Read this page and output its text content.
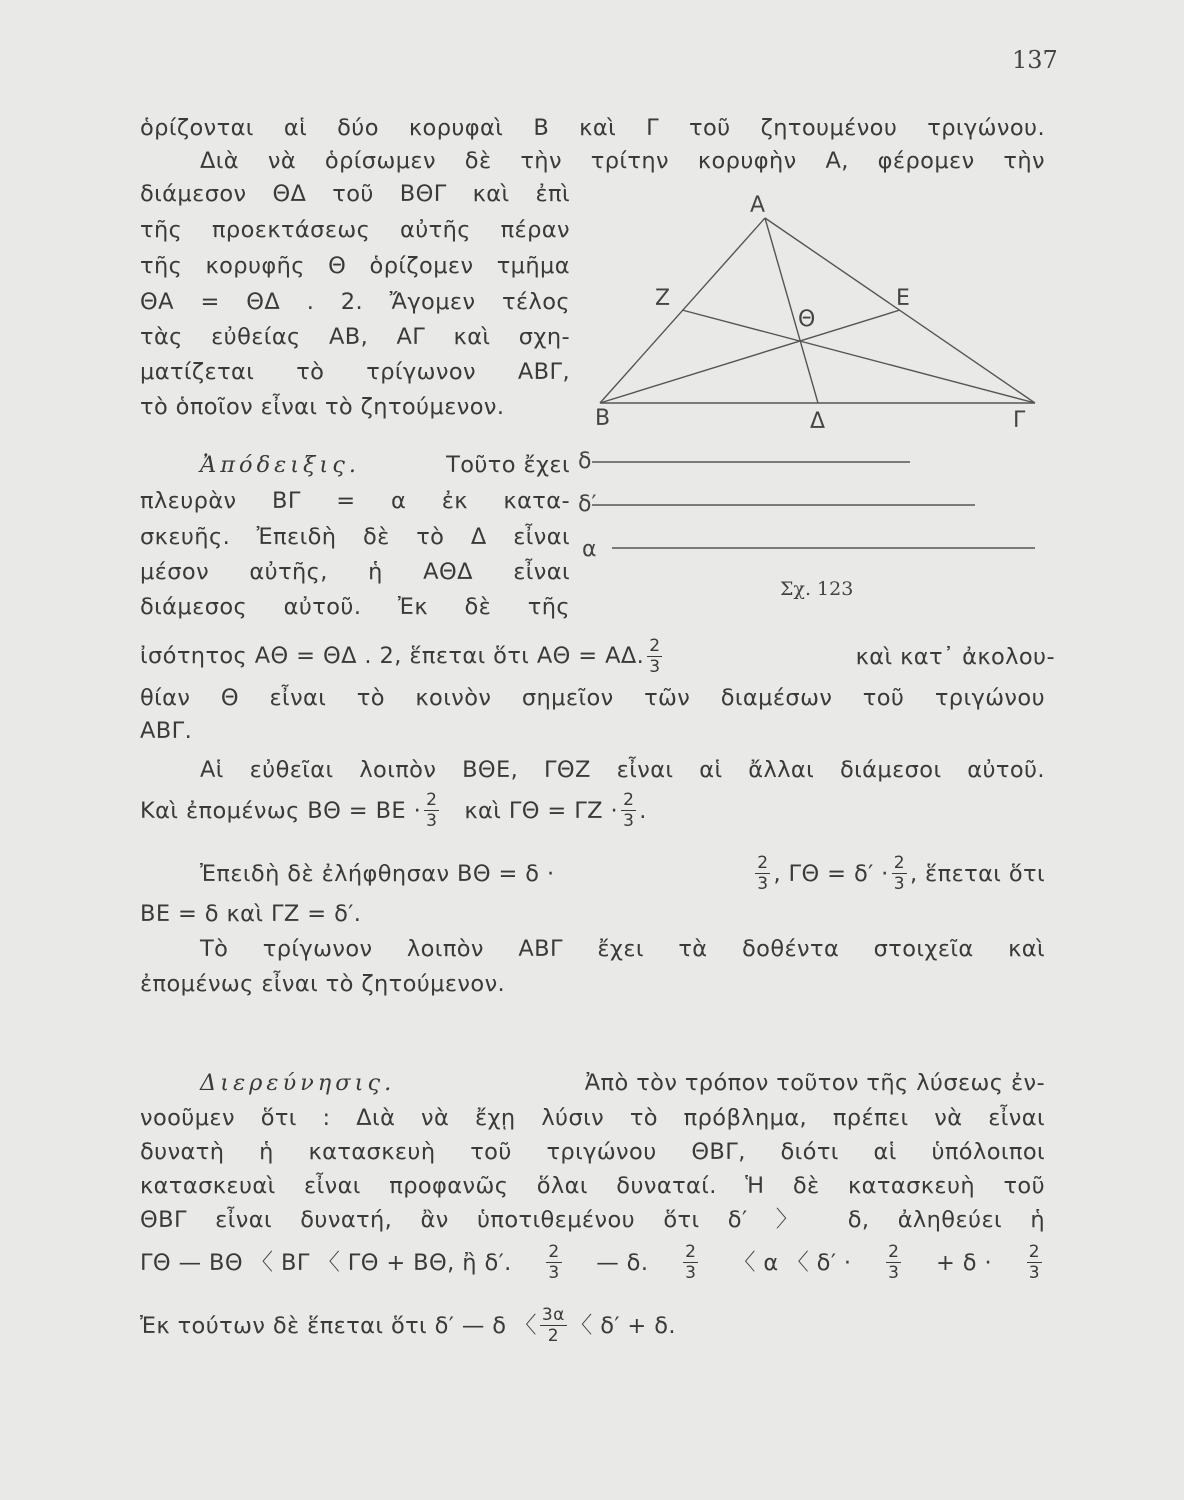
137
ὁρίζονται αἱ δύο κορυφαὶ Β καὶ Γ τοῦ ζητουμένου τριγώνου.
Διὰ νὰ ὁρίσωμεν δὲ τὴν τρίτην κορυφὴν Α, φέρομεν τὴν
διάμεσον ΘΔ τοῦ ΒΘΓ καὶ ἐπὶ
τῆς προεκτάσεως αὐτῆς πέραν
τῆς κορυφῆς Θ ὁρίζομεν τμῆμα
ΘΑ = ΘΔ . 2. Ἄγομεν τέλος
τὰς εὐθείας ΑΒ, ΑΓ καὶ σχη-
ματίζεται τὸ τρίγωνον ΑΒΓ,
τὸ ὁποῖον εἶναι τὸ ζητούμενον.
Ἀπόδειξις.	Τοῦτο ἔχει
πλευρὰν ΒΓ = α ἐκ κατα-
σκευῆς. Ἐπειδὴ δὲ τὸ Δ εἶναι
μέσον αὐτῆς, ἡ ΑΘΔ εἶναι
διάμεσος αὐτοῦ. Ἐκ δὲ τῆς
ἰσότητος ΑΘ = ΘΔ . 2, ἕπεται ὅτι ΑΘ = ΑΔ. $\frac{2}{3}$	καὶ κατ᾽ ἀκολου-
θίαν Θ εἶναι τὸ κοινὸν σημεῖον τῶν διαμέσων τοῦ τριγώνου
ΑΒΓ.
Αἱ εὐθεῖαι λοιπὸν ΒΘΕ, ΓΘΖ εἶναι αἱ ἄλλαι διάμεσοι αὐτοῦ.
Καὶ ἐπομένως $B\Theta = BE \cdot \frac{2}{3}$ καὶ $\Gamma\Theta = \Gamma Z \cdot \frac{2}{3}$ .
Ἐπειδὴ δὲ ἐλήφθησαν ΒΘ = δ ·	$\frac{2}{3}$ , $\Gamma\Theta = \delta' \cdot \frac{2}{3}$ , ἕπεται ὅτι
ΒΕ = δ καὶ ΓΖ = δ′.
Τὸ τρίγωνον λοιπὸν ΑΒΓ ἔχει τὰ δοθέντα στοιχεῖα καὶ
ἐπομένως εἶναι τὸ ζητούμενον.
Διερεύνησις.	Ἀπὸ τὸν τρόπον τοῦτον τῆς λύσεως ἐν-
νοοῦμεν ὅτι : Διὰ νὰ ἔχῃ λύσιν τὸ πρόβλημα, πρέπει νὰ εἶναι
δυνατὴ ἡ κατασκευὴ τοῦ τριγώνου ΘΒΓ, διότι αἱ ὑπόλοιποι
κατασκευαὶ εἶναι προφανῶς ὅλαι δυναταί. Ἡ δὲ κατασκευὴ τοῦ
ΘΒΓ εἶναι δυνατή, ἂν ὑποτιθεμένου ὅτι δ′ 〉 δ, ἀληθεύει ἡ
ΓΘ — ΒΘ 〈 ΒΓ 〈 ΓΘ + ΒΘ, ἢ δ′. $\frac{2}{3}$ — δ. $\frac{2}{3}$ 〈 α 〈 $\delta' \cdot \frac{2}{3} + \delta \cdot \frac{2}{3}$
Ἐκ τούτων δὲ ἕπεται ὅτι δ′ — δ 〈 $\frac{3\alpha}{2}$ 〈 δ′ + δ.
Α
Β	Γ
Δ
Ε
Ζ
Θ
δ
δ′
α
Σχ. 123
